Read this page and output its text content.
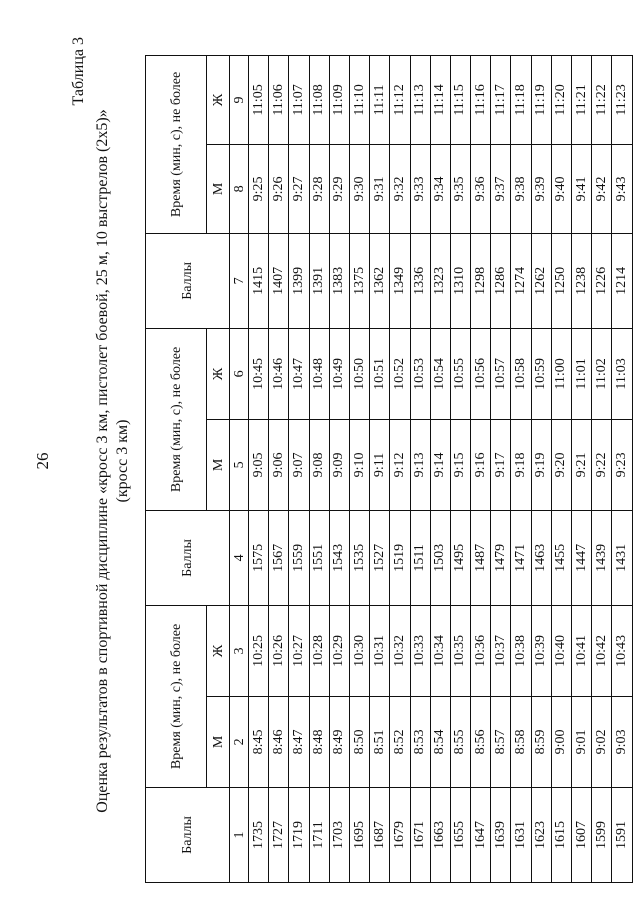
26
Таблица 3
Оценка результатов в спортивной дисциплине «кросс 3 км, пистолет боевой, 25 м, 10 выстрелов (2x5)» (кросс 3 км)
Баллы	Время (мин, с), не более		Баллы	Время (мин, с), не более		Баллы	Время (мин, с), не более	
	М	Ж		М	Ж		М	Ж
1	2	3	4	5	6	7	8	9
1735	8:45	10:25	1575	9:05	10:45	1415	9:25	11:05
1727	8:46	10:26	1567	9:06	10:46	1407	9:26	11:06
1719	8:47	10:27	1559	9:07	10:47	1399	9:27	11:07
1711	8:48	10:28	1551	9:08	10:48	1391	9:28	11:08
1703	8:49	10:29	1543	9:09	10:49	1383	9:29	11:09
1695	8:50	10:30	1535	9:10	10:50	1375	9:30	11:10
1687	8:51	10:31	1527	9:11	10:51	1362	9:31	11:11
1679	8:52	10:32	1519	9:12	10:52	1349	9:32	11:12
1671	8:53	10:33	1511	9:13	10:53	1336	9:33	11:13
1663	8:54	10:34	1503	9:14	10:54	1323	9:34	11:14
1655	8:55	10:35	1495	9:15	10:55	1310	9:35	11:15
1647	8:56	10:36	1487	9:16	10:56	1298	9:36	11:16
1639	8:57	10:37	1479	9:17	10:57	1286	9:37	11:17
1631	8:58	10:38	1471	9:18	10:58	1274	9:38	11:18
1623	8:59	10:39	1463	9:19	10:59	1262	9:39	11:19
1615	9:00	10:40	1455	9:20	11:00	1250	9:40	11:20
1607	9:01	10:41	1447	9:21	11:01	1238	9:41	11:21
1599	9:02	10:42	1439	9:22	11:02	1226	9:42	11:22
1591	9:03	10:43	1431	9:23	11:03	1214	9:43	11:23
